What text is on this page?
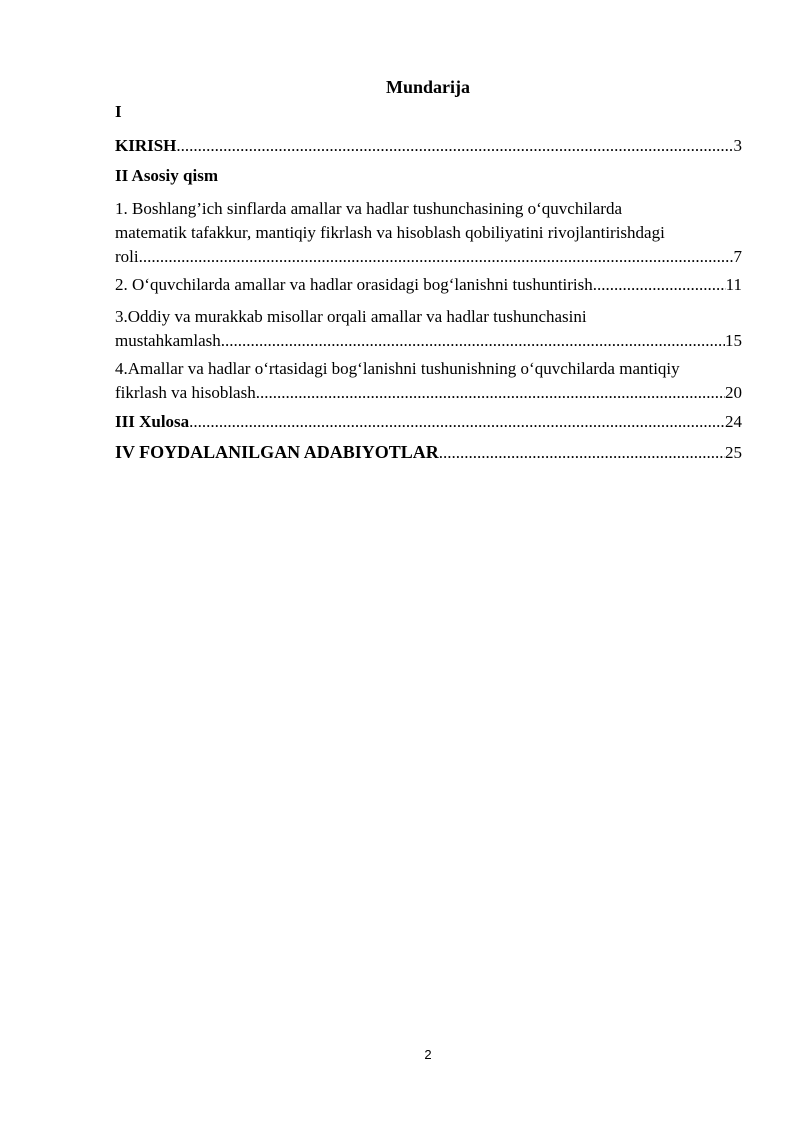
Mundarija
I
KIRISH .....	3
II Asosiy qism
1. Boshlang’ich sinflarda amallar va hadlar tushunchasining o‘quvchilarda
matematik tafakkur, mantiqiy fikrlash va hisoblash qobiliyatini rivojlantirishdagi
roli .....	7
2. O‘quvchilarda amallar va hadlar orasidagi bog‘lanishni tushuntirish .....	11
3.Oddiy va murakkab misollar orqali amallar va hadlar tushunchasini
mustahkamlash .....	15
4.Amallar va hadlar o‘rtasidagi bog‘lanishni tushunishning o‘quvchilarda mantiqiy
fikrlash va hisoblash .....	20
III Xulosa .....	24
IV FOYDALANILGAN ADABIYOTLAR .....	25
2
